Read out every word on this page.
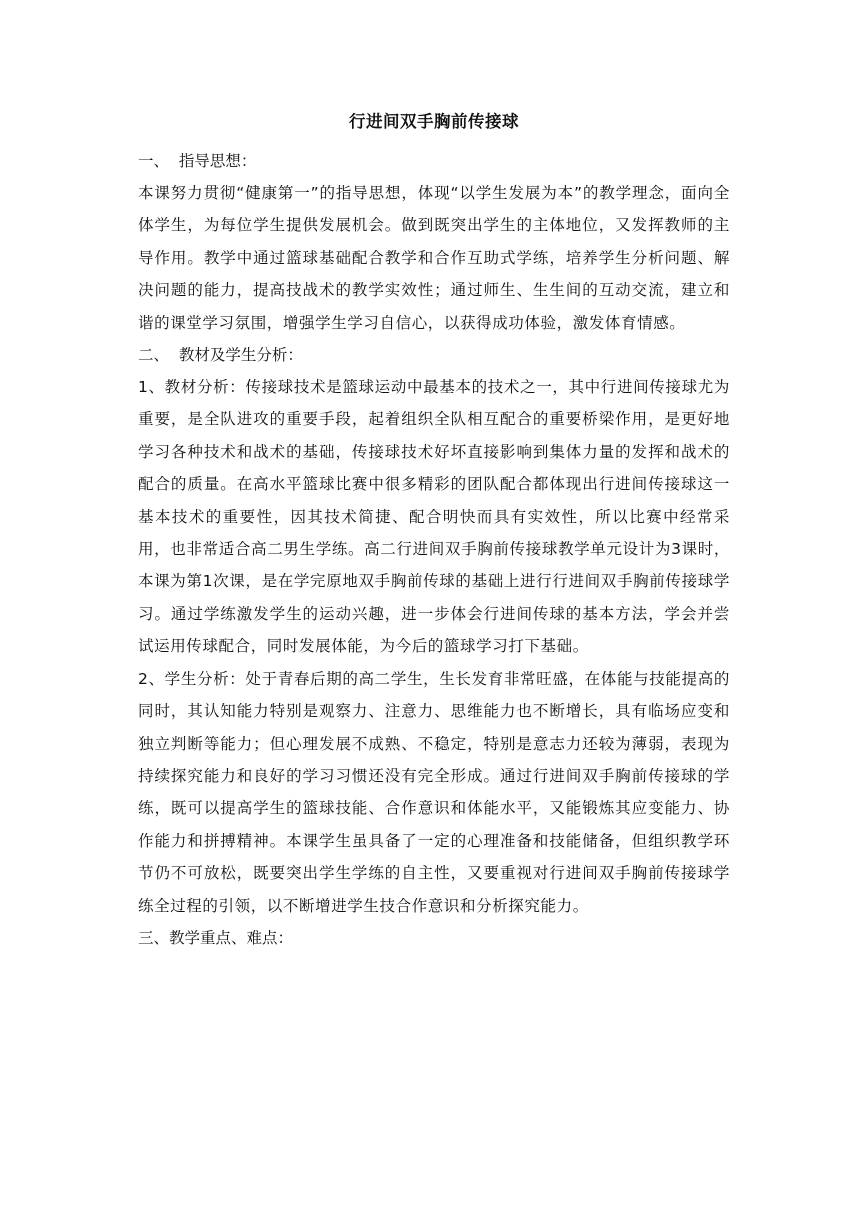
行进间双手胸前传接球

一、  指导思想：

本课努力贯彻“健康第一”的指导思想，体现“以学生发展为本”的教学理念，面向全体学生，为每位学生提供发展机会。做到既突出学生的主体地位，又发挥教师的主导作用。教学中通过篮球基础配合教学和合作互助式学练，培养学生分析问题、解决问题的能力，提高技战术的教学实效性；通过师生、生生间的互动交流，建立和谐的课堂学习氛围，增强学生学习自信心，以获得成功体验，激发体育情感。

二、  教材及学生分析：

1、教材分析：传接球技术是篮球运动中最基本的技术之一，其中行进间传接球尤为重要，是全队进攻的重要手段，起着组织全队相互配合的重要桥梁作用，是更好地学习各种技术和战术的基础，传接球技术好坏直接影响到集体力量的发挥和战术的配合的质量。在高水平篮球比赛中很多精彩的团队配合都体现出行进间传接球这一基本技术的重要性，因其技术简捷、配合明快而具有实效性，所以比赛中经常采用，也非常适合高二男生学练。高二行进间双手胸前传接球教学单元设计为3课时，本课为第1次课，是在学完原地双手胸前传球的基础上进行行进间双手胸前传接球学习。通过学练激发学生的运动兴趣，进一步体会行进间传球的基本方法，学会并尝试运用传球配合，同时发展体能，为今后的篮球学习打下基础。

2、学生分析：处于青春后期的高二学生，生长发育非常旺盛，在体能与技能提高的同时，其认知能力特别是观察力、注意力、思维能力也不断增长，具有临场应变和独立判断等能力；但心理发展不成熟、不稳定，特别是意志力还较为薄弱，表现为持续探究能力和良好的学习习惯还没有完全形成。通过行进间双手胸前传接球的学练，既可以提高学生的篮球技能、合作意识和体能水平，又能锻炼其应变能力、协作能力和拼搏精神。本课学生虽具备了一定的心理准备和技能储备，但组织教学环节仍不可放松，既要突出学生学练的自主性，又要重视对行进间双手胸前传接球学练全过程的引领，以不断增进学生技合作意识和分析探究能力。

三、教学重点、难点：
